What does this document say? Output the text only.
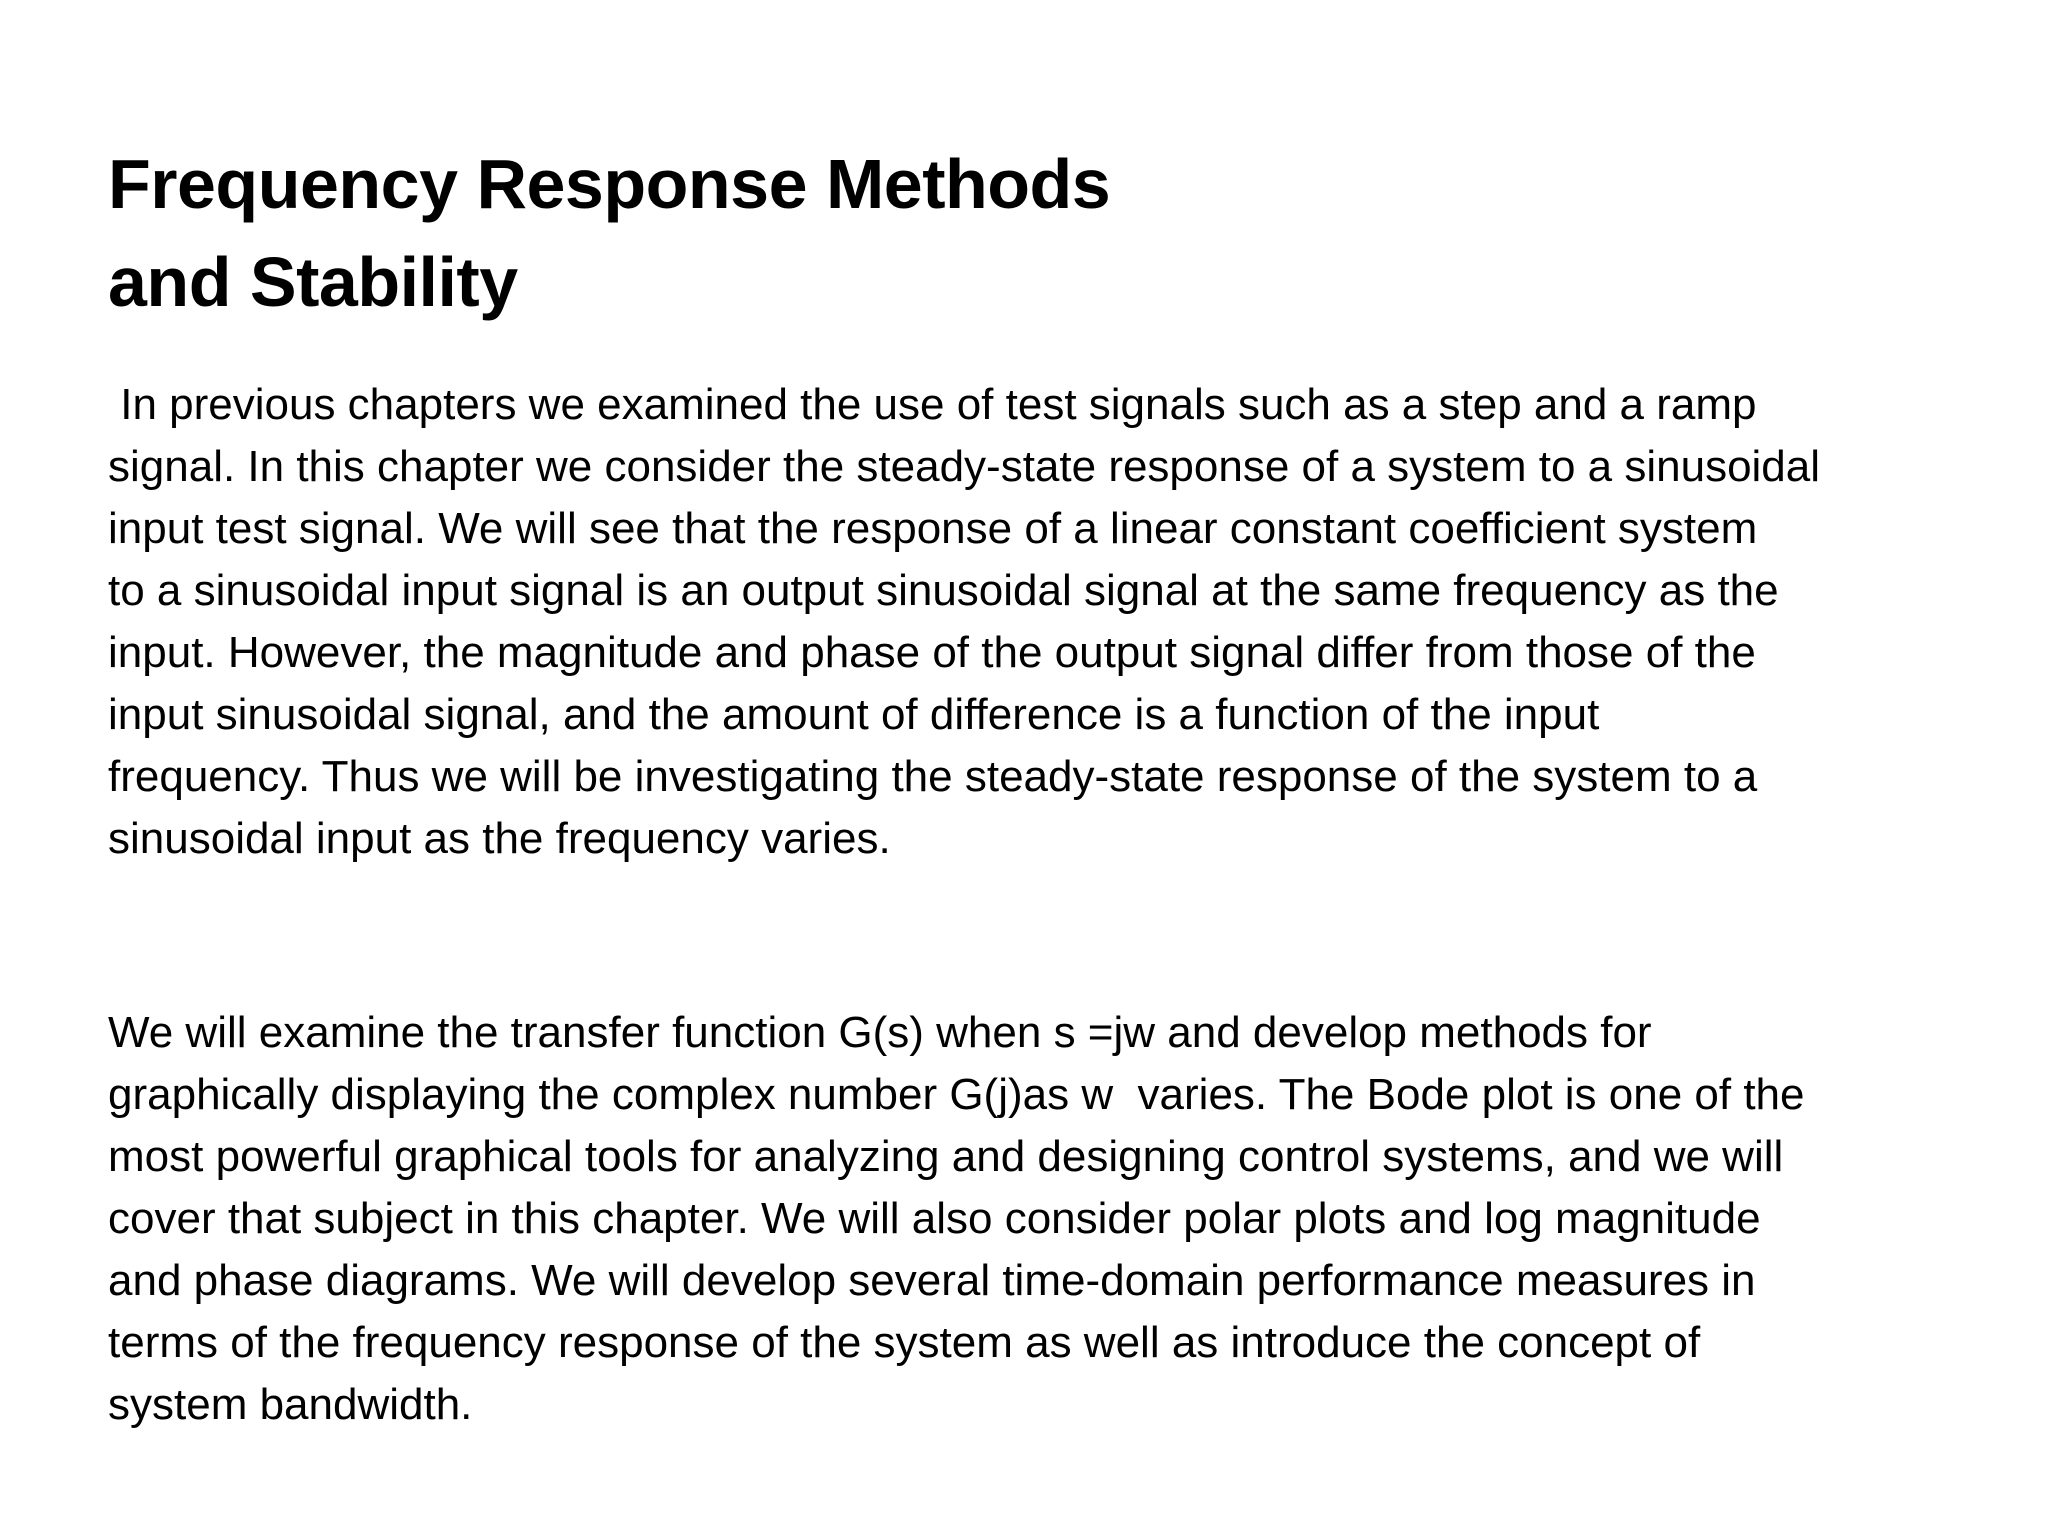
Frequency Response Methods
and Stability
In previous chapters we examined the use of test signals such as a step and a ramp
signal. In this chapter we consider the steady-state response of a system to a sinusoidal
input test signal. We will see that the response of a linear constant coefficient system
to a sinusoidal input signal is an output sinusoidal signal at the same frequency as the
input. However, the magnitude and phase of the output signal differ from those of the
input sinusoidal signal, and the amount of difference is a function of the input
frequency. Thus we will be investigating the steady-state response of the system to a
sinusoidal input as the frequency varies.
We will examine the transfer function G(s) when s =jw and develop methods for
graphically displaying the complex number G(j)as w  varies. The Bode plot is one of the
most powerful graphical tools for analyzing and designing control systems, and we will
cover that subject in this chapter. We will also consider polar plots and log magnitude
and phase diagrams. We will develop several time-domain performance measures in
terms of the frequency response of the system as well as introduce the concept of
system bandwidth.
